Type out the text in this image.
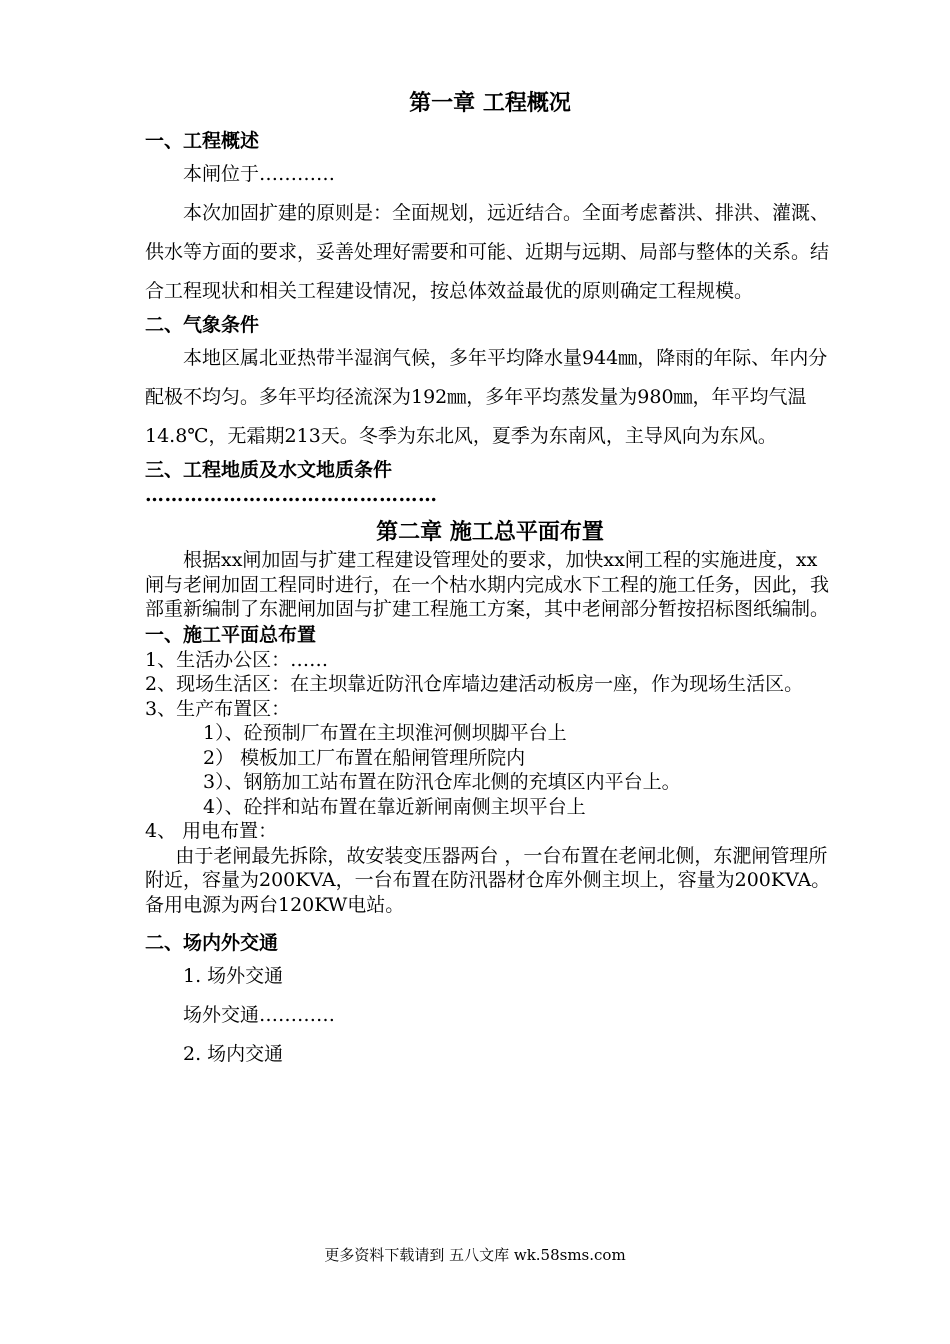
第一章 工程概况
一、工程概述

本闸位于…………

本次加固扩建的原则是：全面规划，远近结合。全面考虑蓄洪、排洪、灌溉、供水等方面的要求，妥善处理好需要和可能、近期与远期、局部与整体的关系。结合工程现状和相关工程建设情况，按总体效益最优的原则确定工程规模。

二、气象条件

本地区属北亚热带半湿润气候，多年平均降水量944㎜，降雨的年际、年内分配极不均匀。多年平均径流深为192㎜，多年平均蒸发量为980㎜，年平均气温14.8℃，无霜期213天。冬季为东北风，夏季为东南风，主导风向为东风。

三、工程地质及水文地质条件
………………………………………
第二章 施工总平面布置

根据xx闸加固与扩建工程建设管理处的要求，加快xx闸工程的实施进度，xx闸与老闸加固工程同时进行，在一个枯水期内完成水下工程的施工任务，因此，我部重新编制了东淝闸加固与扩建工程施工方案，其中老闸部分暂按招标图纸编制。

一、施工平面总布置

1、生活办公区：……

2、现场生活区：在主坝靠近防汛仓库墙边建活动板房一座，作为现场生活区。

3、生产布置区：

1）、砼预制厂布置在主坝淮河侧坝脚平台上

2） 模板加工厂布置在船闸管理所院内

3）、钢筋加工站布置在防汛仓库北侧的充填区内平台上。

4）、砼拌和站布置在靠近新闸南侧主坝平台上

4、 用电布置：

由于老闸最先拆除，故安装变压器两台 ，一台布置在老闸北侧，东淝闸管理所附近，容量为200KVA，一台布置在防汛器材仓库外侧主坝上，容量为200KVA。备用电源为两台120KW电站。

二、场内外交通

1. 场外交通

场外交通…………

2. 场内交通

更多资料下载请到 五八文库 wk.58sms.com
